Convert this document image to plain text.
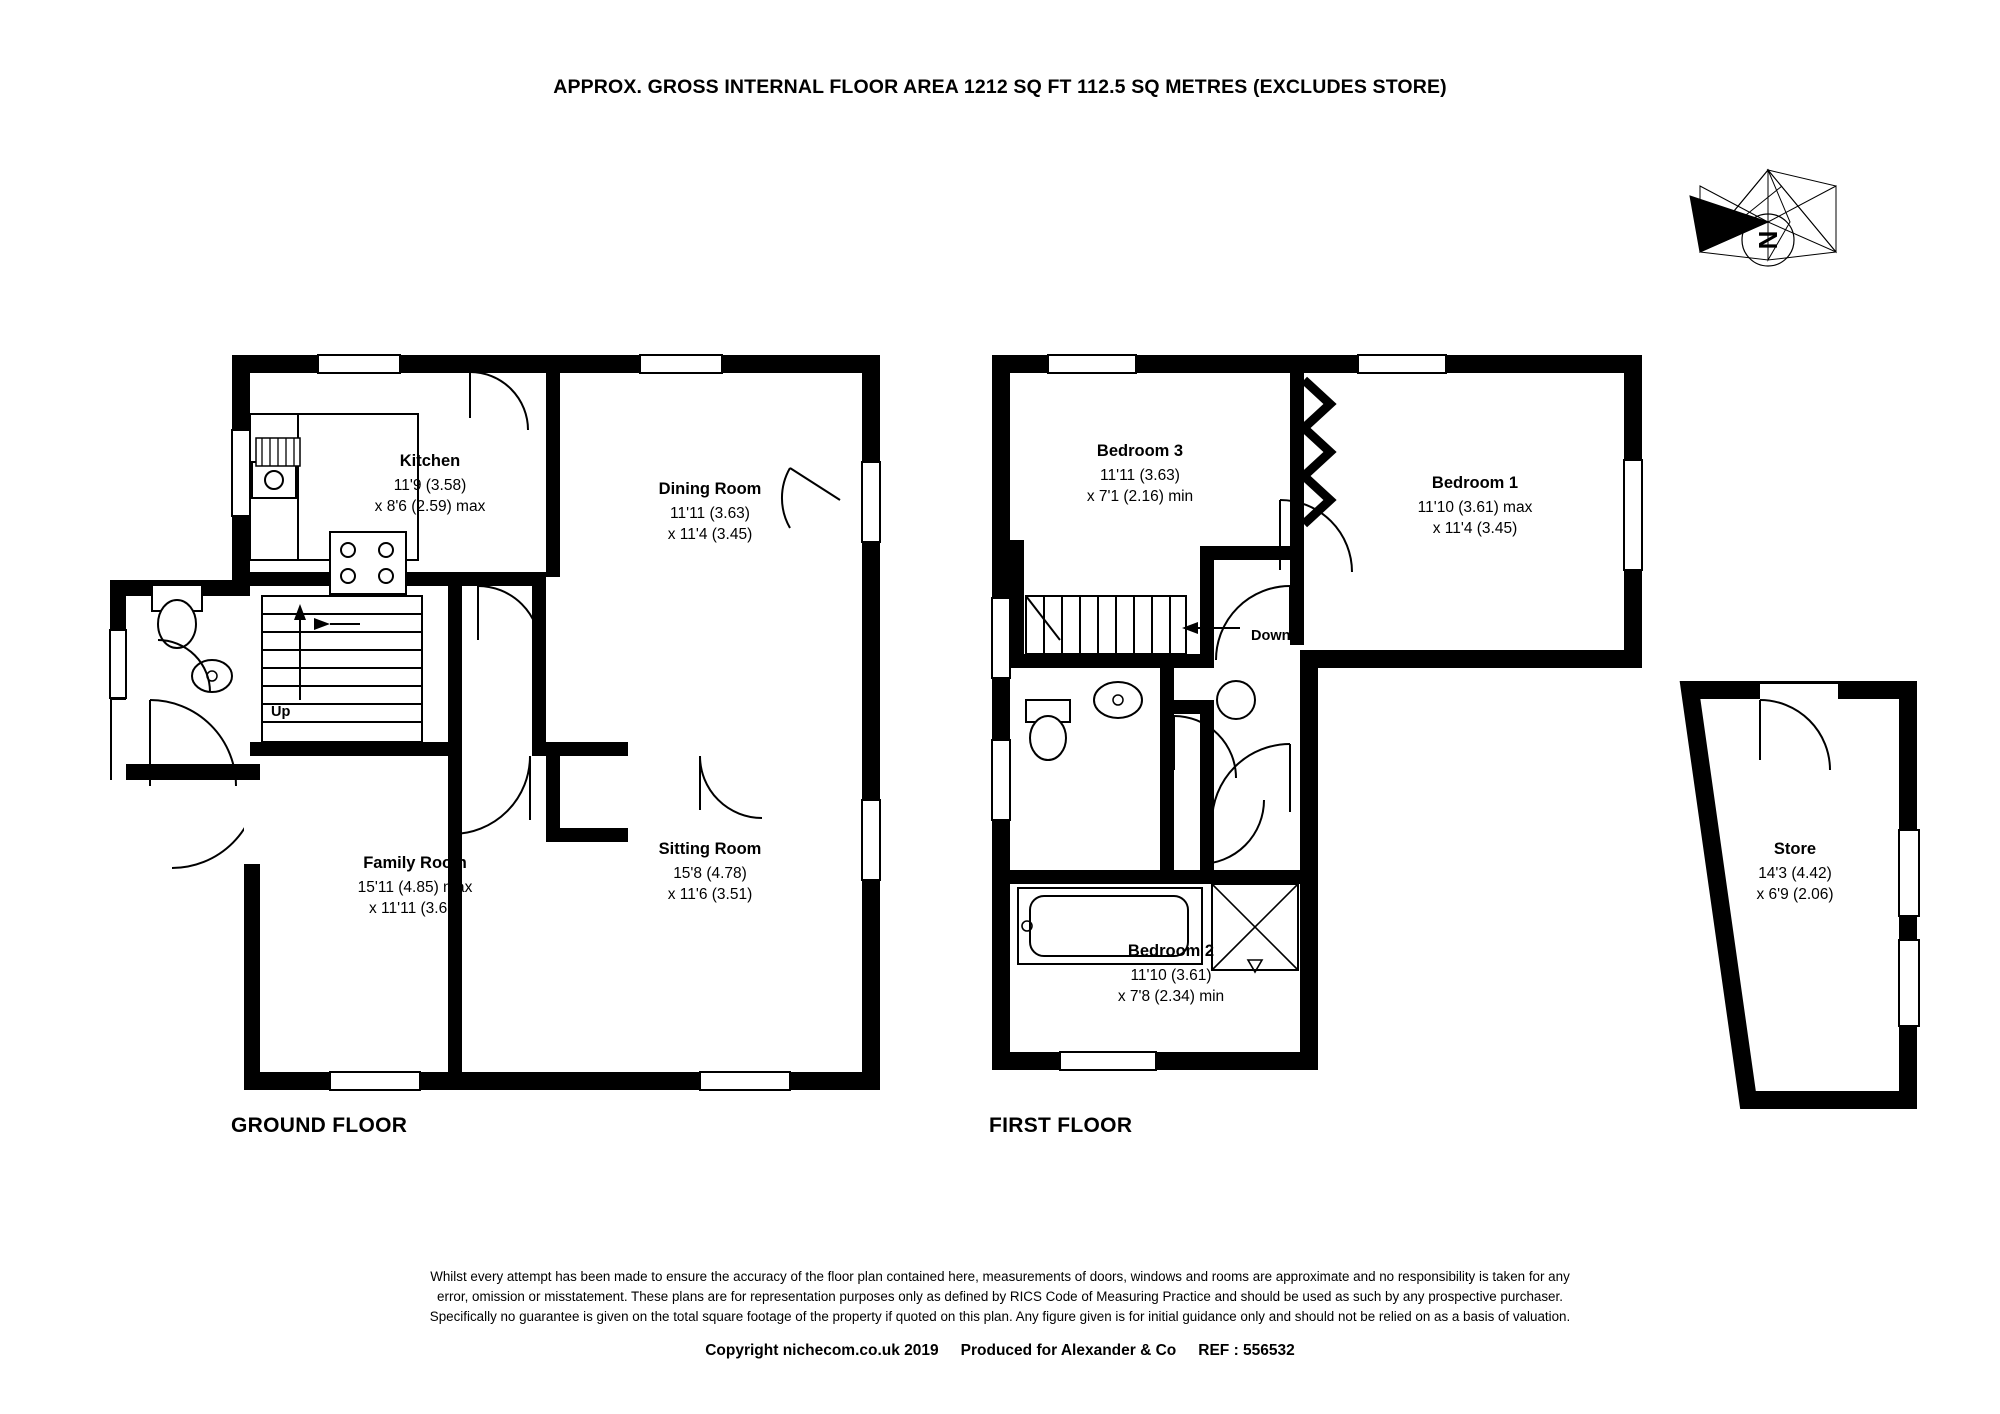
APPROX. GROSS INTERNAL FLOOR AREA 1212 SQ FT 112.5 SQ METRES (EXCLUDES STORE)
N
Kitchen
11'9 (3.58)
x 8'6 (2.59) max
Dining Room
11'11 (3.63)
x 11'4 (3.45)
Family Room
15'11 (4.85) max
x 11'11 (3.63)
Sitting Room
15'8 (4.78)
x 11'6 (3.51)
Bedroom 3
11'11 (3.63)
x 7'1 (2.16) min
Bedroom 1
11'10 (3.61) max
x 11'4 (3.45)
Bedroom 2
11'10 (3.61)
x 7'8 (2.34) min
Store
14'3 (4.42)
x 6'9 (2.06)
Up
Down
GROUND FLOOR	FIRST FLOOR
Whilst every attempt has been made to ensure the accuracy of the floor plan contained here, measurements of doors, windows and rooms are approximate and no responsibility is taken for any
error, omission or misstatement. These plans are for representation purposes only as defined by RICS Code of Measuring Practice and should be used as such by any prospective purchaser.
Specifically no guarantee is given on the total square footage of the property if quoted on this plan. Any figure given is for initial guidance only and should not be relied on as a basis of valuation.
Copyright nichecom.co.uk 2019 Produced for Alexander & Co REF : 556532
